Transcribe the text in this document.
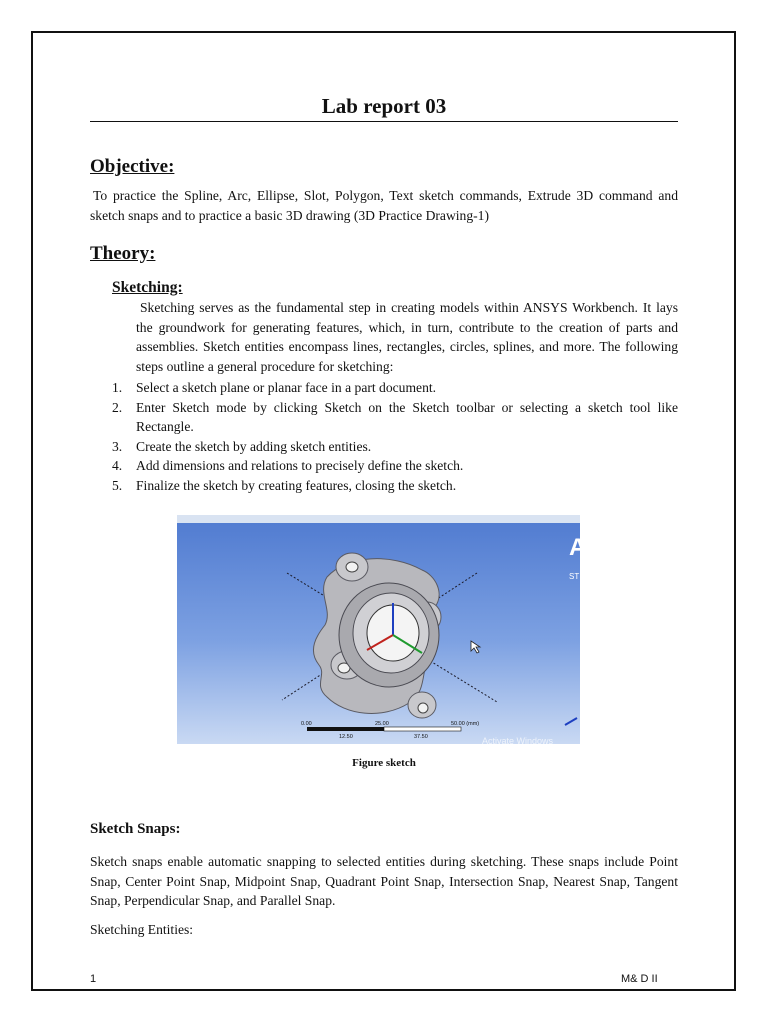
Lab report 03
Objective:
To practice the Spline, Arc, Ellipse, Slot, Polygon, Text sketch commands, Extrude 3D command and sketch snaps and to practice a basic 3D drawing (3D Practice Drawing-1)
Theory:
Sketching:
Sketching serves as the fundamental step in creating models within ANSYS Workbench. It lays the groundwork for generating features, which, in turn, contribute to the creation of parts and assemblies. Sketch entities encompass lines, rectangles, circles, splines, and more. The following steps outline a general procedure for sketching:
1. Select a sketch plane or planar face in a part document.
2. Enter Sketch mode by clicking Sketch on the Sketch toolbar or selecting a sketch tool like Rectangle.
3. Create the sketch by adding sketch entities.
4. Add dimensions and relations to precisely define the sketch.
5. Finalize the sketch by creating features, closing the sketch.
A
ST
0.00	25.00	50.00 (mm)
12.50	37.50	Activate Windows
Figure sketch
Sketch Snaps:
Sketch snaps enable automatic snapping to selected entities during sketching. These snaps include Point Snap, Center Point Snap, Midpoint Snap, Quadrant Point Snap, Intersection Snap, Nearest Snap, Tangent Snap, Perpendicular Snap, and Parallel Snap.
Sketching Entities:
1	M& D II
